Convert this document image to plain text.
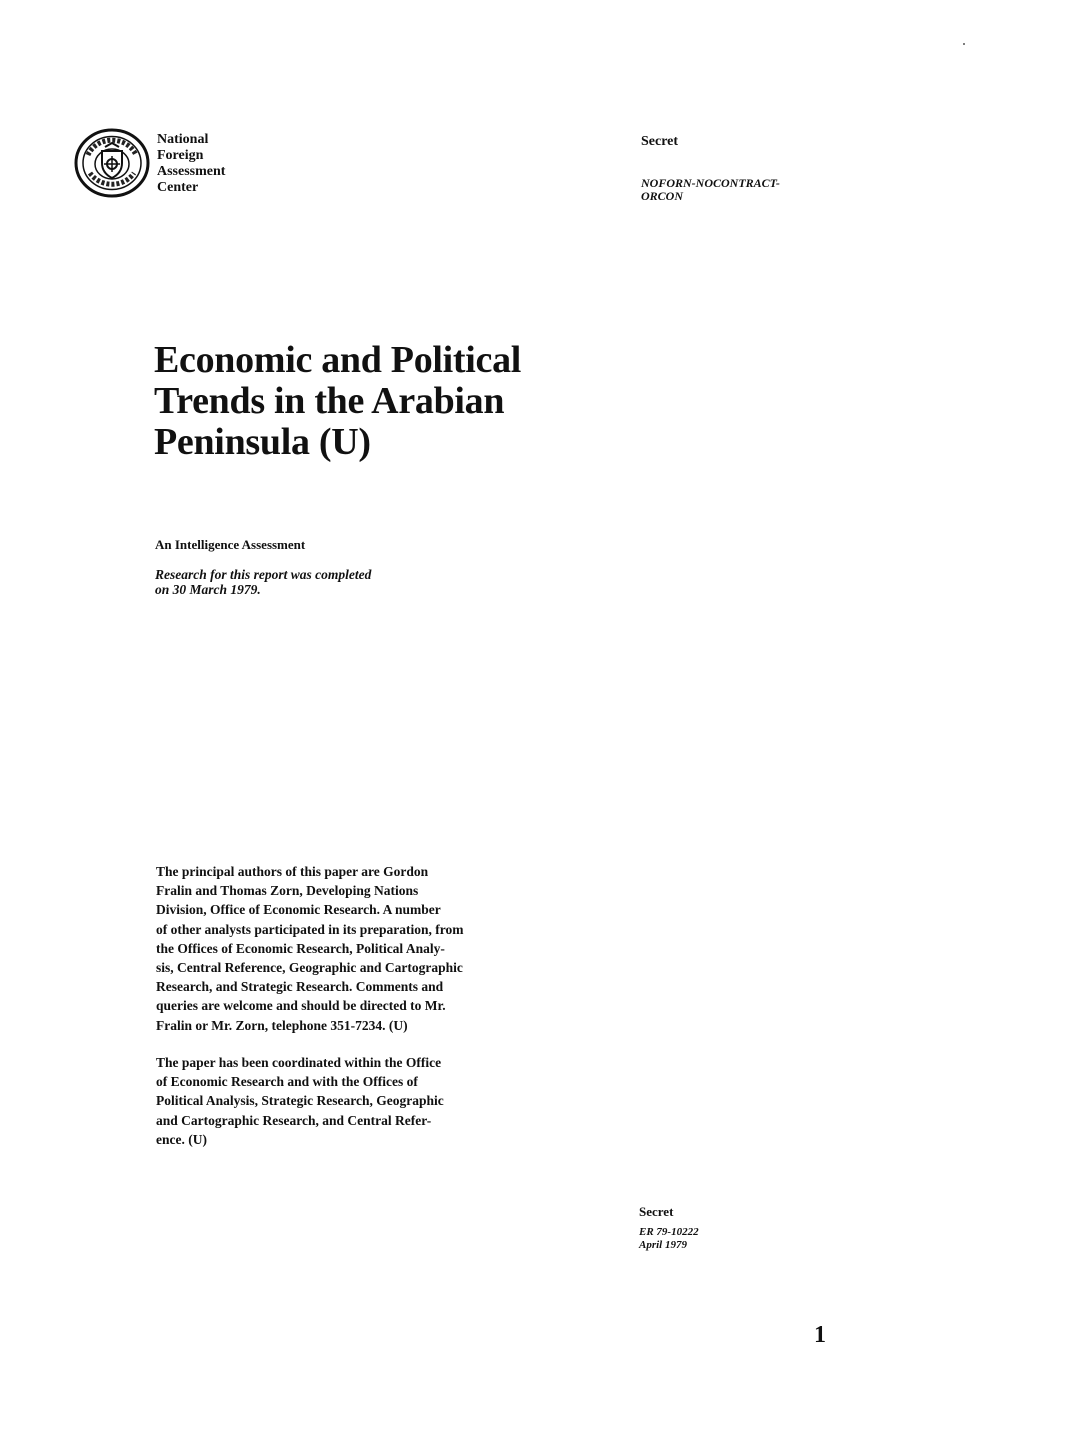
National
Foreign
Assessment
Center
Secret
NOFORN-NOCONTRACT-
ORCON
Economic and Political
Trends in the Arabian
Peninsula (U)
An Intelligence Assessment
Research for this report was completed
on 30 March 1979.
The principal authors of this paper are Gordon
Fralin and Thomas Zorn, Developing Nations
Division, Office of Economic Research. A number
of other analysts participated in its preparation, from
the Offices of Economic Research, Political Analy-
sis, Central Reference, Geographic and Cartographic
Research, and Strategic Research. Comments and
queries are welcome and should be directed to Mr.
Fralin or Mr. Zorn, telephone 351-7234. (U)
The paper has been coordinated within the Office
of Economic Research and with the Offices of
Political Analysis, Strategic Research, Geographic
and Cartographic Research, and Central Refer-
ence. (U)
Secret
ER 79-10222
April 1979
1
